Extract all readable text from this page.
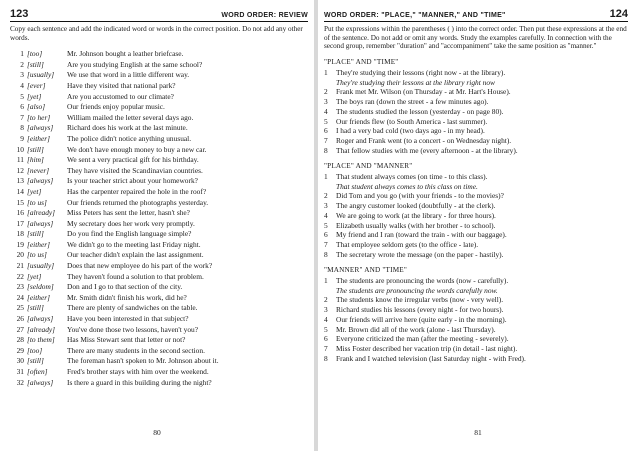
123	WORD ORDER: REVIEW

Copy each sentence and add the indicated word or words in the correct position. Do not add any other words.

1 [too]	Mr. Johnson bought a leather briefcase.
2 [still]	Are you studying English at the same school?
3 [usually]	We use that word in a little different way.
4 [ever]	Have they visited that national park?
5 [yet]	Are you accustomed to our climate?
6 [also]	Our friends enjoy popular music.
7 [to her]	William mailed the letter several days ago.
8 [always]	Richard does his work at the last minute.
9 [either]	The police didn't notice anything unusual.
10 [still]	We don't have enough money to buy a new car.
11 [him]	We sent a very practical gift for his birthday.
12 [never]	They have visited the Scandinavian countries.
13 [always]	Is your teacher strict about your homework?
14 [yet]	Has the carpenter repaired the hole in the roof?
15 [to us]	Our friends returned the photographs yesterday.
16 [already]	Miss Peters has sent the letter, hasn't she?
17 [always]	My secretary does her work very promptly.
18 [still]	Do you find the English language simple?
19 [either]	We didn't go to the meeting last Friday night.
20 [to us]	Our teacher didn't explain the last assignment.
21 [usually]	Does that new employee do his part of the work?
22 [yet]	They haven't found a solution to that problem.
23 [seldom]	Don and I go to that section of the city.
24 [either]	Mr. Smith didn't finish his work, did he?
25 [still]	There are plenty of sandwiches on the table.
26 [always]	Have you been interested in that subject?
27 [already]	You've done those two lessons, haven't you?
28 [to them]	Has Miss Stewart sent that letter or not?
29 [too]	There are many students in the second section.
30 [still]	The foreman hasn't spoken to Mr. Johnson about it.
31 [often]	Fred's brother stays with him over the weekend.
32 [always]	Is there a guard in this building during the night?
80
WORD ORDER: "PLACE," "MANNER," AND "TIME"	124

Put the expressions within the parentheses ( ) into the correct order. Then put these expressions at the end of the sentence. Do not add or omit any words. Study the examples carefully. In connection with the second group, remember "duration" and "accompaniment" take the same position as "manner."

"PLACE" AND "TIME"
1	They're studying their lessons (right now - at the library).
They're studying their lessons at the library right now
2	Frank met Mr. Wilson (on Thursday - at Mr. Hart's House).
3	The boys ran (down the street - a few minutes ago).
4	The students studied the lesson (yesterday - on page 80).
5	Our friends flew (to South America - last summer).
6	I had a very bad cold (two days ago - in my head).
7	Roger and Frank went (to a concert - on Wednesday night).
8	That fellow studies with me (every afternoon - at the library).
"PLACE" AND "MANNER"
1	That student always comes (on time - to this class).
That student always comes to this class on time.
2	Did Tom and you go (with your friends - to the movies)?
3	The angry customer looked (doubtfully - at the clerk).
4	We are going to work (at the library - for three hours).
5	Elizabeth usually walks (with her brother - to school).
6	My friend and I ran (toward the train - with our baggage).
7	That employee seldom gets (to the office - late).
8	The secretary wrote the message (on the paper - hastily).
"MANNER" AND "TIME"
1	The students are pronouncing the words (now - carefully).
The students are pronouncing the words carefully now.
2	The students know the irregular verbs (now - very well).
3	Richard studies his lessons (every night - for two hours).
4	Our friends will arrive here (quite early - in the morning).
5	Mr. Brown did all of the work (alone - last Thursday).
6	Everyone criticized the man (after the meeting - severely).
7	Miss Foster described her vacation trip (in detail - last night).
8	Frank and I watched television (last Saturday night - with Fred).
81
